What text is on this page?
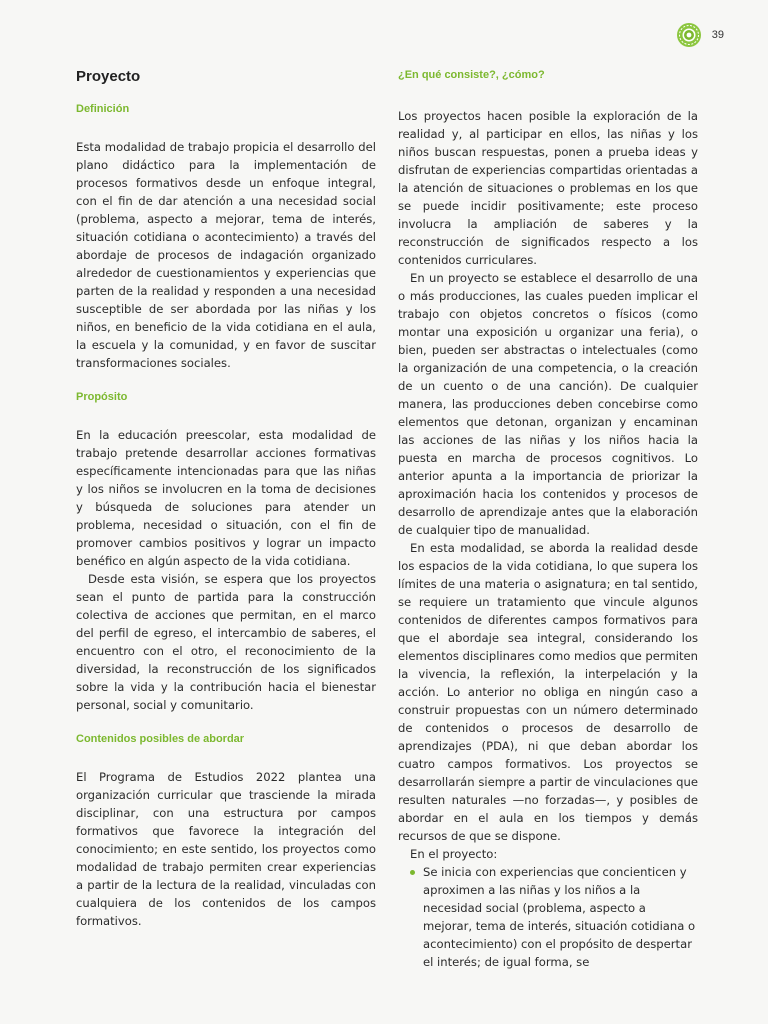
39
Proyecto
Definición

Esta modalidad de trabajo propicia el desarrollo del plano didáctico para la implementación de procesos formativos desde un enfoque integral, con el fin de dar atención a una necesidad social (problema, aspecto a mejorar, tema de interés, situación cotidiana o acontecimiento) a través del abordaje de procesos de indagación organizado alrededor de cuestionamientos y experiencias que parten de la realidad y responden a una necesidad susceptible de ser abordada por las niñas y los niños, en beneficio de la vida cotidiana en el aula, la escuela y la comunidad, y en favor de suscitar transformaciones sociales.

Propósito

En la educación preescolar, esta modalidad de trabajo pretende desarrollar acciones formativas específicamente intencionadas para que las niñas y los niños se involucren en la toma de decisiones y búsqueda de soluciones para atender un problema, necesidad o situación, con el fin de promover cambios positivos y lograr un impacto benéfico en algún aspecto de la vida cotidiana.

Desde esta visión, se espera que los proyectos sean el punto de partida para la construcción colectiva de acciones que permitan, en el marco del perfil de egreso, el intercambio de saberes, el encuentro con el otro, el reconocimiento de la diversidad, la reconstrucción de los significados sobre la vida y la contribución hacia el bienestar personal, social y comunitario.

Contenidos posibles de abordar

El Programa de Estudios 2022 plantea una organización curricular que trasciende la mirada disciplinar, con una estructura por campos formativos que favorece la integración del conocimiento; en este sentido, los proyectos como modalidad de trabajo permiten crear experiencias a partir de la lectura de la realidad, vinculadas con cualquiera de los contenidos de los campos formativos.

¿En qué consiste?, ¿cómo?

Los proyectos hacen posible la exploración de la realidad y, al participar en ellos, las niñas y los niños buscan respuestas, ponen a prueba ideas y disfrutan de experiencias compartidas orientadas a la atención de situaciones o problemas en los que se puede incidir positivamente; este proceso involucra la ampliación de saberes y la reconstrucción de significados respecto a los contenidos curriculares.

En un proyecto se establece el desarrollo de una o más producciones, las cuales pueden implicar el trabajo con objetos concretos o físicos (como montar una exposición u organizar una feria), o bien, pueden ser abstractas o intelectuales (como la organización de una competencia, o la creación de un cuento o de una canción). De cualquier manera, las producciones deben concebirse como elementos que detonan, organizan y encaminan las acciones de las niñas y los niños hacia la puesta en marcha de procesos cognitivos. Lo anterior apunta a la importancia de priorizar la aproximación hacia los contenidos y procesos de desarrollo de aprendizaje antes que la elaboración de cualquier tipo de manualidad.

En esta modalidad, se aborda la realidad desde los espacios de la vida cotidiana, lo que supera los límites de una materia o asignatura; en tal sentido, se requiere un tratamiento que vincule algunos contenidos de diferentes campos formativos para que el abordaje sea integral, considerando los elementos disciplinares como medios que permiten la vivencia, la reflexión, la interpelación y la acción. Lo anterior no obliga en ningún caso a construir propuestas con un número determinado de contenidos o procesos de desarrollo de aprendizajes (PDA), ni que deban abordar los cuatro campos formativos. Los proyectos se desarrollarán siempre a partir de vinculaciones que resulten naturales —no forzadas—, y posibles de abordar en el aula en los tiempos y demás recursos de que se dispone.

En el proyecto:

Se inicia con experiencias que concienticen y aproximen a las niñas y los niños a la necesidad social (problema, aspecto a mejorar, tema de interés, situación cotidiana o acontecimiento) con el propósito de despertar el interés; de igual forma, se
